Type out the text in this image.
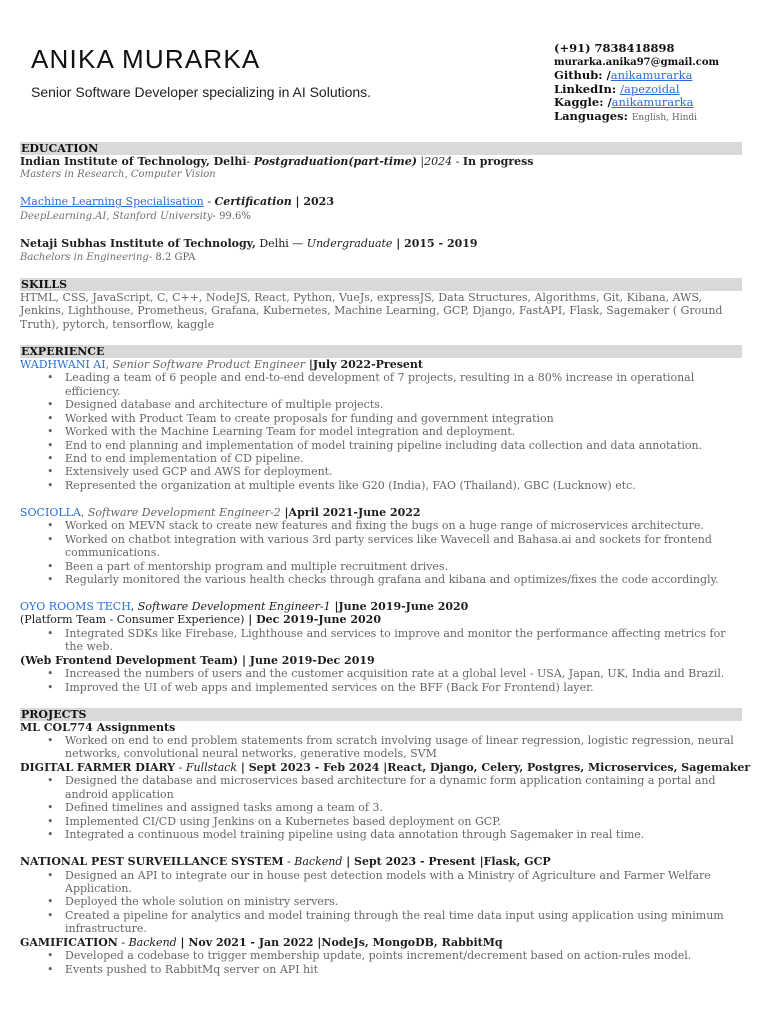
ANIKA MURARKA
Senior Software Developer specializing in AI Solutions.
(+91) 7838418898
murarka.anika97@gmail.com
Github: /anikamurarka
LinkedIn: /apezoidal
Kaggle: /anikamurarka
Languages: English, Hindi
EDUCATION
Indian Institute of Technology, Delhi- Postgraduation(part-time) |2024 - In progress
Masters in Research, Computer Vision
Machine Learning Specialisation - Certification | 2023
DeepLearning.AI, Stanford University- 99.6%
Netaji Subhas Institute of Technology, Delhi — Undergraduate | 2015 - 2019
Bachelors in Engineering- 8.2 GPA
SKILLS
HTML, CSS, JavaScript, C, C++, NodeJS, React, Python, VueJs, expressJS, Data Structures, Algorithms, Git, Kibana, AWS, Jenkins, Lighthouse, Prometheus, Grafana, Kubernetes, Machine Learning, GCP, Django, FastAPI, Flask, Sagemaker ( Ground Truth), pytorch, tensorflow, kaggle
EXPERIENCE
WADHWANI AI, Senior Software Product Engineer |July 2022-Present
• Leading a team of 6 people and end-to-end development of 7 projects, resulting in a 80% increase in operational efficiency.
• Designed database and architecture of multiple projects.
• Worked with Product Team to create proposals for funding and government integration
• Worked with the Machine Learning Team for model integration and deployment.
• End to end planning and implementation of model training pipeline including data collection and data annotation.
• End to end implementation of CD pipeline.
• Extensively used GCP and AWS for deployment.
• Represented the organization at multiple events like G20 (India), FAO (Thailand), GBC (Lucknow) etc.
SOCIOLLA, Software Development Engineer-2 |April 2021-June 2022
• Worked on MEVN stack to create new features and fixing the bugs on a huge range of microservices architecture.
• Worked on chatbot integration with various 3rd party services like Wavecell and Bahasa.ai and sockets for frontend communications.
• Been a part of mentorship program and multiple recruitment drives.
• Regularly monitored the various health checks through grafana and kibana and optimizes/fixes the code accordingly.
OYO ROOMS TECH, Software Development Engineer-1 |June 2019-June 2020
(Platform Team - Consumer Experience) | Dec 2019-June 2020
• Integrated SDKs like Firebase, Lighthouse and services to improve and monitor the performance affecting metrics for the web.
(Web Frontend Development Team) | June 2019-Dec 2019
• Increased the numbers of users and the customer acquisition rate at a global level - USA, Japan, UK, India and Brazil.
• Improved the UI of web apps and implemented services on the BFF (Back For Frontend) layer.
PROJECTS
ML COL774 Assignments
• Worked on end to end problem statements from scratch involving usage of linear regression, logistic regression, neural networks, convolutional neural networks, generative models, SVM
DIGITAL FARMER DIARY - Fullstack | Sept 2023 - Feb 2024 |React, Django, Celery, Postgres, Microservices, Sagemaker
• Designed the database and microservices based architecture for a dynamic form application containing a portal and android application
• Defined timelines and assigned tasks among a team of 3.
• Implemented CI/CD using Jenkins on a Kubernetes based deployment on GCP.
• Integrated a continuous model training pipeline using data annotation through Sagemaker in real time.
NATIONAL PEST SURVEILLANCE SYSTEM - Backend | Sept 2023 - Present |Flask, GCP
• Designed an API to integrate our in house pest detection models with a Ministry of Agriculture and Farmer Welfare Application.
• Deployed the whole solution on ministry servers.
• Created a pipeline for analytics and model training through the real time data input using application using minimum infrastructure.
GAMIFICATION - Backend | Nov 2021 - Jan 2022 |NodeJs, MongoDB, RabbitMq
• Developed a codebase to trigger membership update, points increment/decrement based on action-rules model.
• Events pushed to RabbitMq server on API hit
